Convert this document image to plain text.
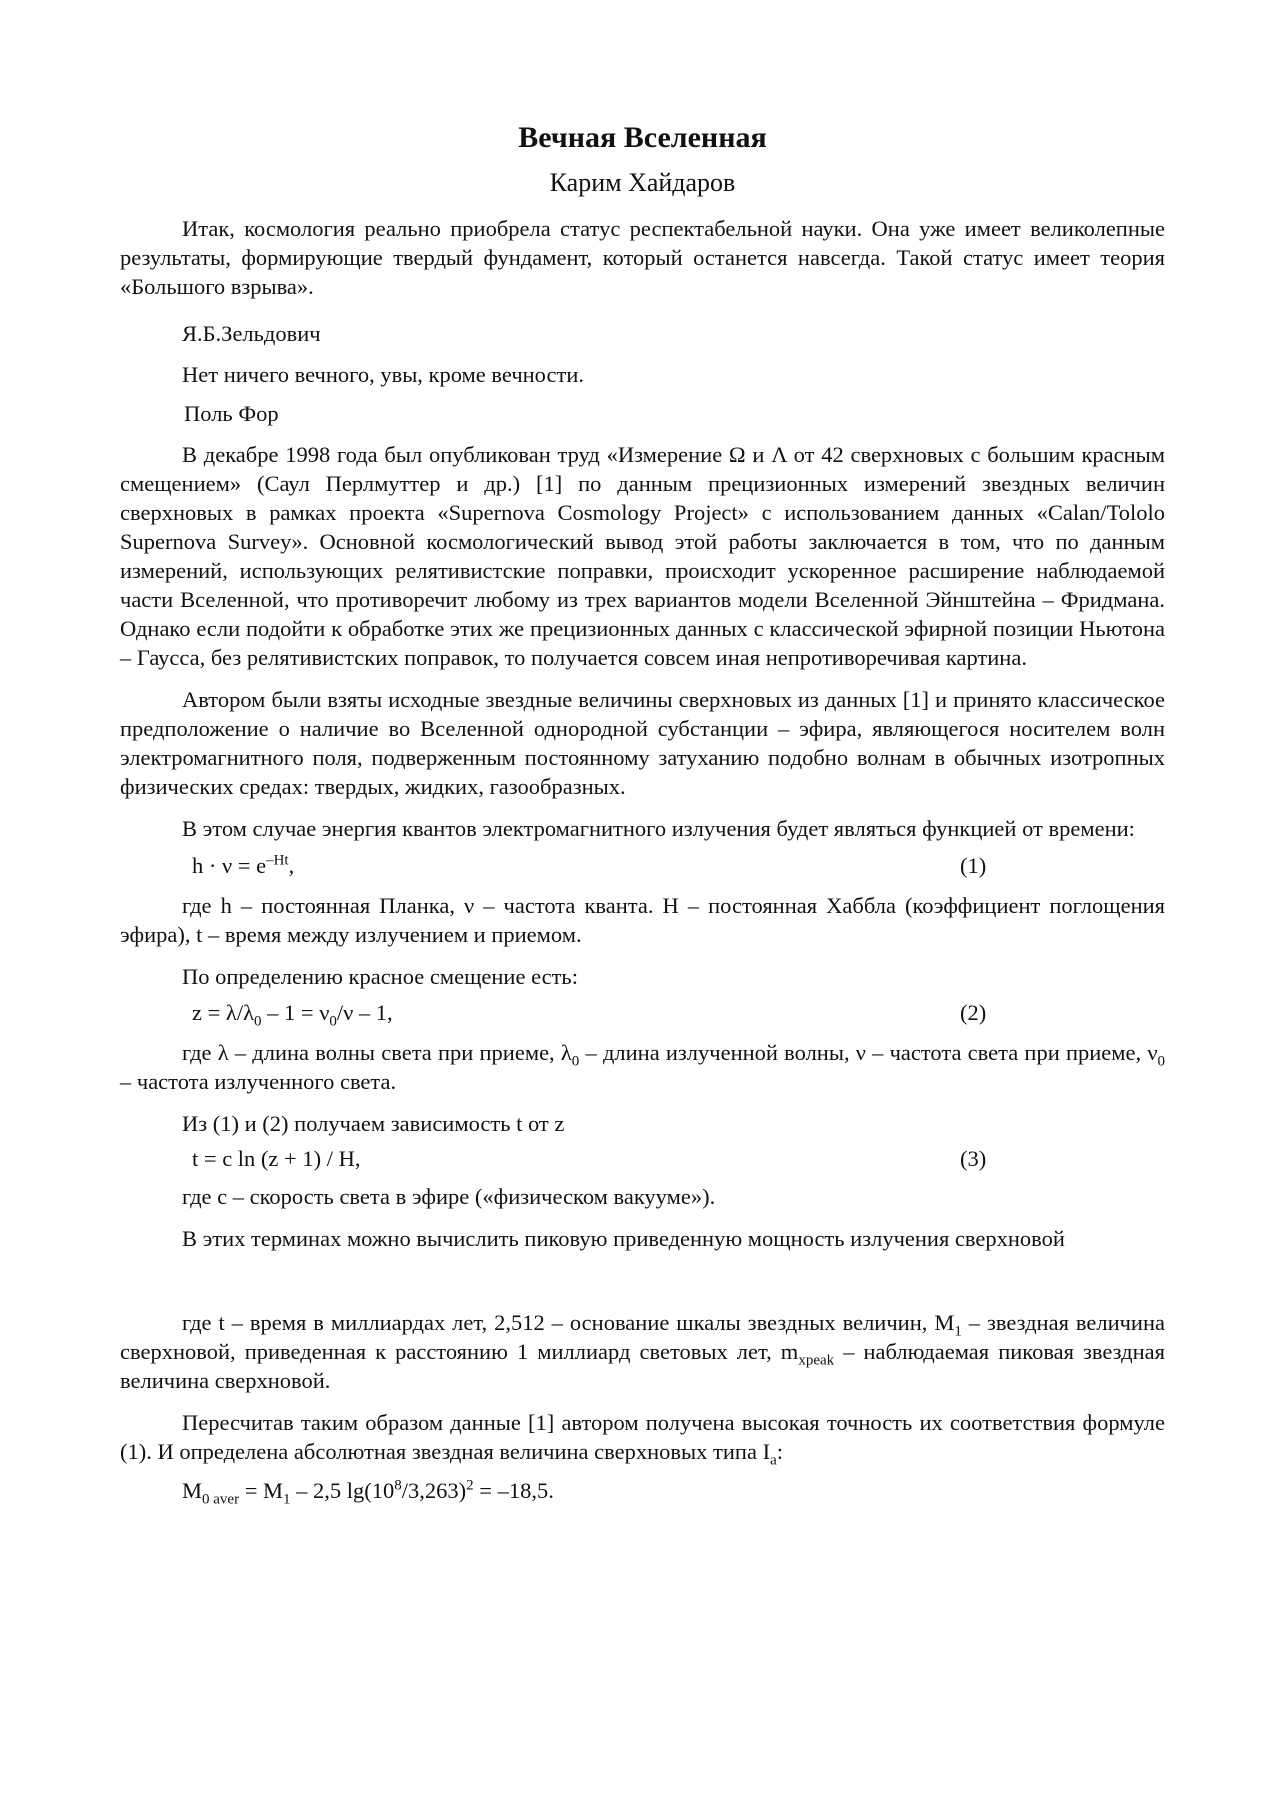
Вечная Вселенная
Карим Хайдаров

Итак, космология реально приобрела статус респектабельной науки. Она уже имеет великолепные результаты, формирующие твердый фундамент, который останется навсегда. Такой статус имеет теория «Большого взрыва».

Я.Б.Зельдович

Нет ничего вечного, увы, кроме вечности.

Поль Фор

В декабре 1998 года был опубликован труд «Измерение Ω и Λ от 42 сверхновых с большим красным смещением» (Саул Перлмуттер и др.) [1] по данным прецизионных измерений звездных величин сверхновых в рамках проекта «Supernova Cosmology Project» с использованием данных «Calan/Tololo Supernova Survey». Основной космологический вывод этой работы заключается в том, что по данным измерений, использующих релятивистские поправки, происходит ускоренное расширение наблюдаемой части Вселенной, что противоречит любому из трех вариантов модели Вселенной Эйнштейна – Фридмана. Однако если подойти к обработке этих же прецизионных данных с классической эфирной позиции Ньютона – Гаусса, без релятивистских поправок, то получается совсем иная непротиворечивая картина.

Автором были взяты исходные звездные величины сверхновых из данных [1] и принято классическое предположение о наличие во Вселенной однородной субстанции – эфира, являющегося носителем волн электромагнитного поля, подверженным постоянному затуханию подобно волнам в обычных изотропных физических средах: твердых, жидких, газообразных.

В этом случае энергия квантов электромагнитного излучения будет являться функцией от времени:

$h \cdot \nu = e^{-Ht}$,	(1)

где h – постоянная Планка, ν – частота кванта. H – постоянная Хаббла (коэффициент поглощения эфира), t – время между излучением и приемом.

По определению красное смещение есть:

$z = \lambda/\lambda_0 - 1 = \nu_0/\nu - 1$,	(2)

где λ – длина волны света при приеме, $\lambda_0$ – длина излученной волны, ν – частота света при приеме, $\nu_0$ – частота излученного света.

Из (1) и (2) получаем зависимость t от z

t = c ln (z + 1) / H,	(3)

где c – скорость света в эфире («физическом вакууме»).

В этих терминах можно вычислить пиковую приведенную мощность излучения сверхновой

где t – время в миллиардах лет, 2,512 – основание шкалы звездных величин, $M_1$ – звездная величина сверхновой, приведенная к расстоянию 1 миллиард световых лет, $m_{xpeak}$ – наблюдаемая пиковая звездная величина сверхновой.

Пересчитав таким образом данные [1] автором получена высокая точность их соответствия формуле (1). И определена абсолютная звездная величина сверхновых типа $I_a$:

$M_{0 aver} = M_1 - 2,5$ $\lg(10^8/3,263)^2 = -18,5$.
